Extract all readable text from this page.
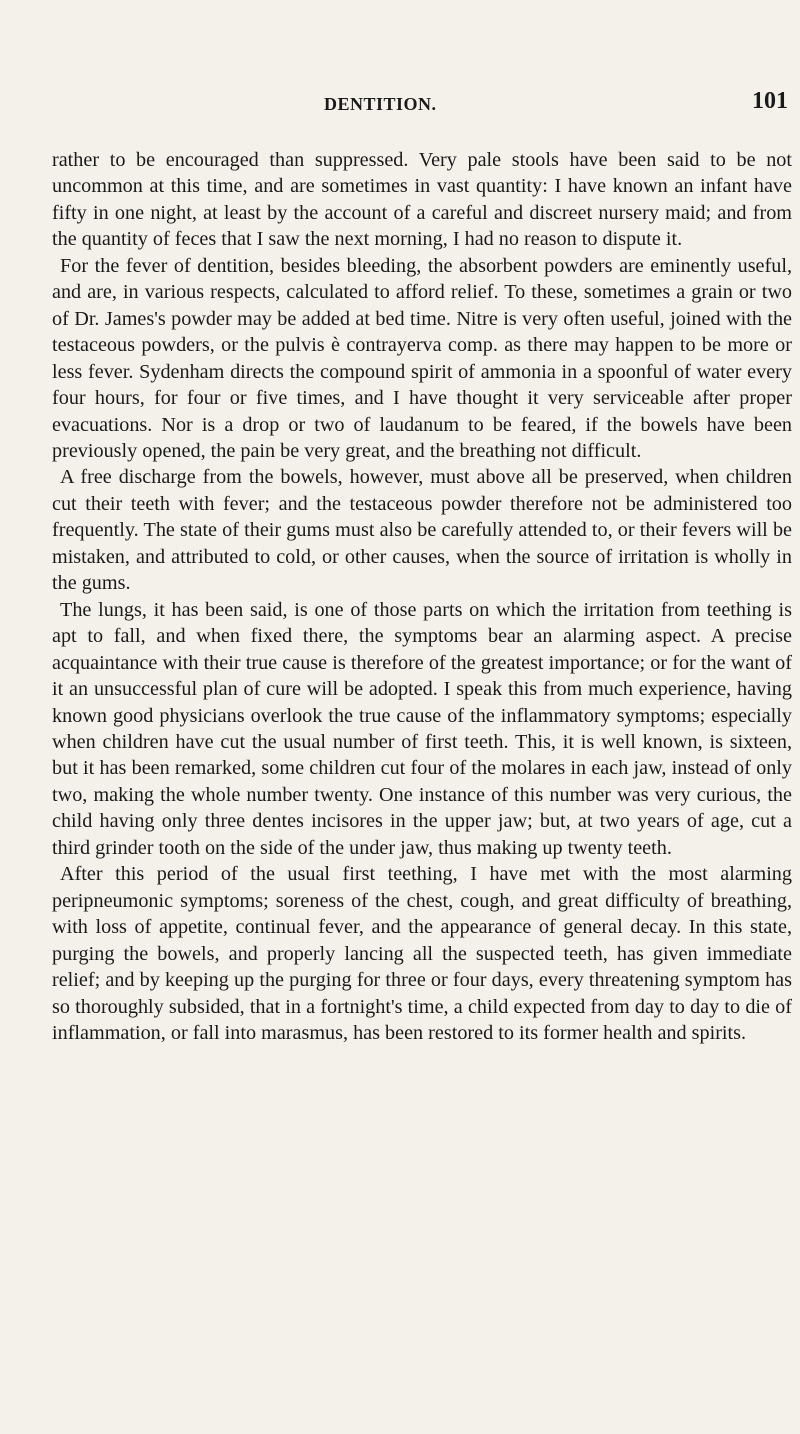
DENTITION.	101

rather to be encouraged than suppressed. Very pale stools have been said to be not uncommon at this time, and are sometimes in vast quantity: I have known an infant have fifty in one night, at least by the account of a careful and discreet nursery maid; and from the quantity of feces that I saw the next morning, I had no reason to dispute it.

For the fever of dentition, besides bleeding, the absorbent powders are eminently useful, and are, in various respects, calculated to afford relief. To these, sometimes a grain or two of Dr. James's powder may be added at bed time. Nitre is very often useful, joined with the testaceous powders, or the pulvis è contrayerva comp. as there may happen to be more or less fever. Sydenham directs the compound spirit of ammonia in a spoonful of water every four hours, for four or five times, and I have thought it very serviceable after proper evacuations. Nor is a drop or two of laudanum to be feared, if the bowels have been previously opened, the pain be very great, and the breathing not difficult.

A free discharge from the bowels, however, must above all be preserved, when children cut their teeth with fever; and the testaceous powder therefore not be administered too frequently. The state of their gums must also be carefully attended to, or their fevers will be mistaken, and attributed to cold, or other causes, when the source of irritation is wholly in the gums.

The lungs, it has been said, is one of those parts on which the irritation from teething is apt to fall, and when fixed there, the symptoms bear an alarming aspect. A precise acquaintance with their true cause is therefore of the greatest importance; or for the want of it an unsuccessful plan of cure will be adopted. I speak this from much experience, having known good physicians overlook the true cause of the inflammatory symptoms; especially when children have cut the usual number of first teeth. This, it is well known, is sixteen, but it has been remarked, some children cut four of the molares in each jaw, instead of only two, making the whole number twenty. One instance of this number was very curious, the child having only three dentes incisores in the upper jaw; but, at two years of age, cut a third grinder tooth on the side of the under jaw, thus making up twenty teeth.

After this period of the usual first teething, I have met with the most alarming peripneumonic symptoms; soreness of the chest, cough, and great difficulty of breathing, with loss of appetite, continual fever, and the appearance of general decay. In this state, purging the bowels, and properly lancing all the suspected teeth, has given immediate relief; and by keeping up the purging for three or four days, every threatening symptom has so thoroughly subsided, that in a fortnight's time, a child expected from day to day to die of inflammation, or fall into marasmus, has been restored to its former health and spirits.
